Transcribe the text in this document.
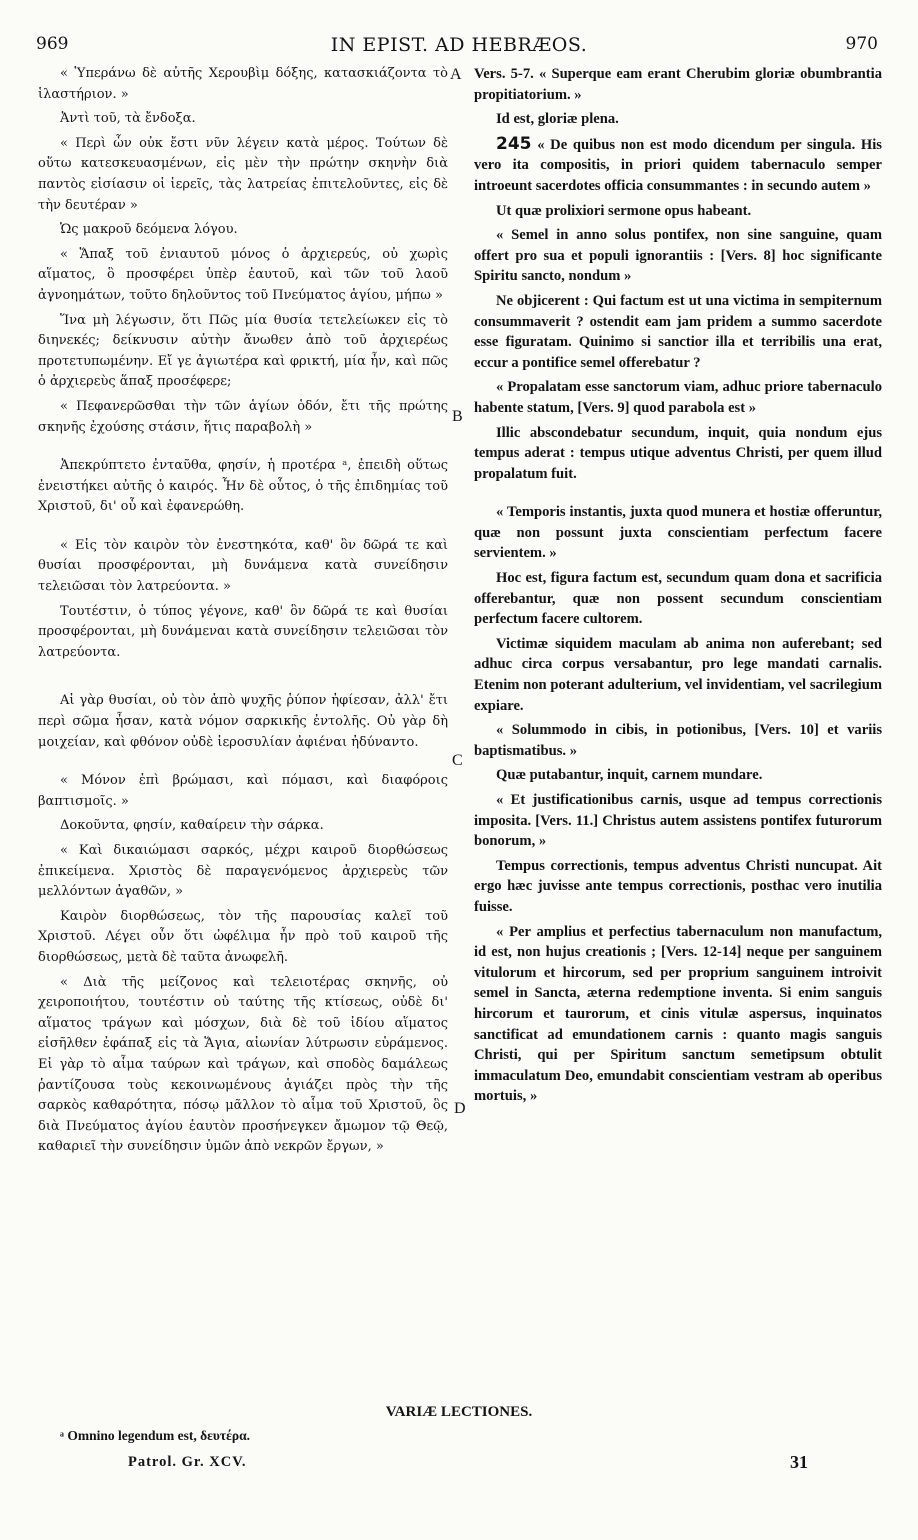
969	IN EPIST. AD HEBRÆOS.	970

« Ὑπεράνω δὲ αὐτῆς Χερουβὶμ δόξης, κατασκιάζοντα τὸ ἱλαστήριον. »

Ἀντὶ τοῦ, τὰ ἔνδοξα.

« Περὶ ὧν οὐκ ἔστι νῦν λέγειν κατὰ μέρος. Τούτων δὲ οὕτω κατεσκευασμένων, εἰς μὲν τὴν πρώτην σκηνὴν διὰ παντὸς εἰσίασιν οἱ ἱερεῖς, τὰς λατρείας ἐπιτελοῦντες, εἰς δὲ τὴν δευτέραν »

Ὡς μακροῦ δεόμενα λόγου.

« Ἅπαξ τοῦ ἐνιαυτοῦ μόνος ὁ ἀρχιερεύς, οὐ χωρὶς αἵματος, ὃ προσφέρει ὑπὲρ ἑαυτοῦ, καὶ τῶν τοῦ λαοῦ ἀγνοημάτων, τοῦτο δηλοῦντος τοῦ Πνεύματος ἁγίου, μήπω »

Ἵνα μὴ λέγωσιν, ὅτι Πῶς μία θυσία τετελείωκεν εἰς τὸ διηνεκές; δείκνυσιν αὐτὴν ἄνωθεν ἀπὸ τοῦ ἀρχιερέως προτετυπωμένην. Εἴ γε ἁγιωτέρα καὶ φρικτή, μία ἦν, καὶ πῶς ὁ ἀρχιερεὺς ἅπαξ προσέφερε;

« Πεφανερῶσθαι τὴν τῶν ἁγίων ὁδόν, ἔτι τῆς πρώτης σκηνῆς ἐχούσης στάσιν, ἥτις παραβολὴ »

Ἀπεκρύπτετο ἐνταῦθα, φησίν, ἡ προτέρα ᵃ, ἐπειδὴ οὕτως ἐνειστήκει αὐτῆς ὁ καιρός. Ἦν δὲ οὗτος, ὁ τῆς ἐπιδημίας τοῦ Χριστοῦ, δι' οὗ καὶ ἐφανερώθη.

« Εἰς τὸν καιρὸν τὸν ἐνεστηκότα, καθ' ὃν δῶρά τε καὶ θυσίαι προσφέρονται, μὴ δυνάμενα κατὰ συνείδησιν τελειῶσαι τὸν λατρεύοντα. »

Τουτέστιν, ὁ τύπος γέγονε, καθ' ὃν δῶρά τε καὶ θυσίαι προσφέρονται, μὴ δυνάμεναι κατὰ συνείδησιν τελειῶσαι τὸν λατρεύοντα.

Αἱ γὰρ θυσίαι, οὐ τὸν ἀπὸ ψυχῆς ῥύπον ἠφίεσαν, ἀλλ' ἔτι περὶ σῶμα ἦσαν, κατὰ νόμον σαρκικῆς ἐντολῆς. Οὐ γὰρ δὴ μοιχείαν, καὶ φθόνον οὐδὲ ἱεροσυλίαν ἀφιέναι ἠδύναντο.

« Μόνον ἐπὶ βρώμασι, καὶ πόμασι, καὶ διαφόροις βαπτισμοῖς. »

Δοκοῦντα, φησίν, καθαίρειν τὴν σάρκα.

« Καὶ δικαιώμασι σαρκός, μέχρι καιροῦ διορθώσεως ἐπικείμενα. Χριστὸς δὲ παραγενόμενος ἀρχιερεὺς τῶν μελλόντων ἀγαθῶν, »

Καιρὸν διορθώσεως, τὸν τῆς παρουσίας καλεῖ τοῦ Χριστοῦ. Λέγει οὖν ὅτι ὠφέλιμα ἦν πρὸ τοῦ καιροῦ τῆς διορθώσεως, μετὰ δὲ ταῦτα ἀνωφελῆ.

« Διὰ τῆς μείζονος καὶ τελειοτέρας σκηνῆς, οὐ χειροποιήτου, τουτέστιν οὐ ταύτης τῆς κτίσεως, οὐδὲ δι' αἵματος τράγων καὶ μόσχων, διὰ δὲ τοῦ ἰδίου αἵματος εἰσῆλθεν ἐφάπαξ εἰς τὰ Ἅγια, αἰωνίαν λύτρωσιν εὑράμενος. Εἰ γὰρ τὸ αἷμα ταύρων καὶ τράγων, καὶ σποδὸς δαμάλεως ῥαντίζουσα τοὺς κεκοινωμένους ἁγιάζει πρὸς τὴν τῆς σαρκὸς καθαρότητα, πόσῳ μᾶλλον τὸ αἷμα τοῦ Χριστοῦ, ὃς διὰ Πνεύματος ἁγίου ἑαυτὸν προσήνεγκεν ἄμωμον τῷ Θεῷ, καθαριεῖ τὴν συνείδησιν ὑμῶν ἀπὸ νεκρῶν ἔργων, »

A
B
C
D

Vers. 5-7. « Superque eam erant Cherubim gloriæ obumbrantia propitiatorium. »

Id est, gloriæ plena.

245 « De quibus non est modo dicendum per singula. His vero ita compositis, in priori quidem tabernaculo semper introeunt sacerdotes officia consummantes : in secundo autem »

Ut quæ prolixiori sermone opus habeant.

« Semel in anno solus pontifex, non sine sanguine, quam offert pro sua et populi ignorantiis : [Vers. 8] hoc significante Spiritu sancto, nondum »

Ne objicerent : Qui factum est ut una victima in sempiternum consummaverit ? ostendit eam jam pridem a summo sacerdote esse figuratam. Quinimo si sanctior illa et terribilis una erat, eccur a pontifice semel offerebatur ?

« Propalatam esse sanctorum viam, adhuc priore tabernaculo habente statum, [Vers. 9] quod parabola est »

Illic abscondebatur secundum, inquit, quia nondum ejus tempus aderat : tempus utique adventus Christi, per quem illud propalatum fuit.

« Temporis instantis, juxta quod munera et hostiæ offeruntur, quæ non possunt juxta conscientiam perfectum facere servientem. »

Hoc est, figura factum est, secundum quam dona et sacrificia offerebantur, quæ non possent secundum conscientiam perfectum facere cultorem.

Victimæ siquidem maculam ab anima non auferebant; sed adhuc circa corpus versabantur, pro lege mandati carnalis. Etenim non poterant adulterium, vel invidentiam, vel sacrilegium expiare.

« Solummodo in cibis, in potionibus, [Vers. 10] et variis baptismatibus. »

Quæ putabantur, inquit, carnem mundare.

« Et justificationibus carnis, usque ad tempus correctionis imposita. [Vers. 11.] Christus autem assistens pontifex futurorum bonorum, »

Tempus correctionis, tempus adventus Christi nuncupat. Ait ergo hæc juvisse ante tempus correctionis, posthac vero inutilia fuisse.

« Per amplius et perfectius tabernaculum non manufactum, id est, non hujus creationis ; [Vers. 12-14] neque per sanguinem vitulorum et hircorum, sed per proprium sanguinem introivit semel in Sancta, æterna redemptione inventa. Si enim sanguis hircorum et taurorum, et cinis vitulæ aspersus, inquinatos sanctificat ad emundationem carnis : quanto magis sanguis Christi, qui per Spiritum sanctum semetipsum obtulit immaculatum Deo, emundabit conscientiam vestram ab operibus mortuis, »

VARIÆ LECTIONES.
ᵃ Omnino legendum est, δευτέρα.
Patrol. Gr. XCV.	31
